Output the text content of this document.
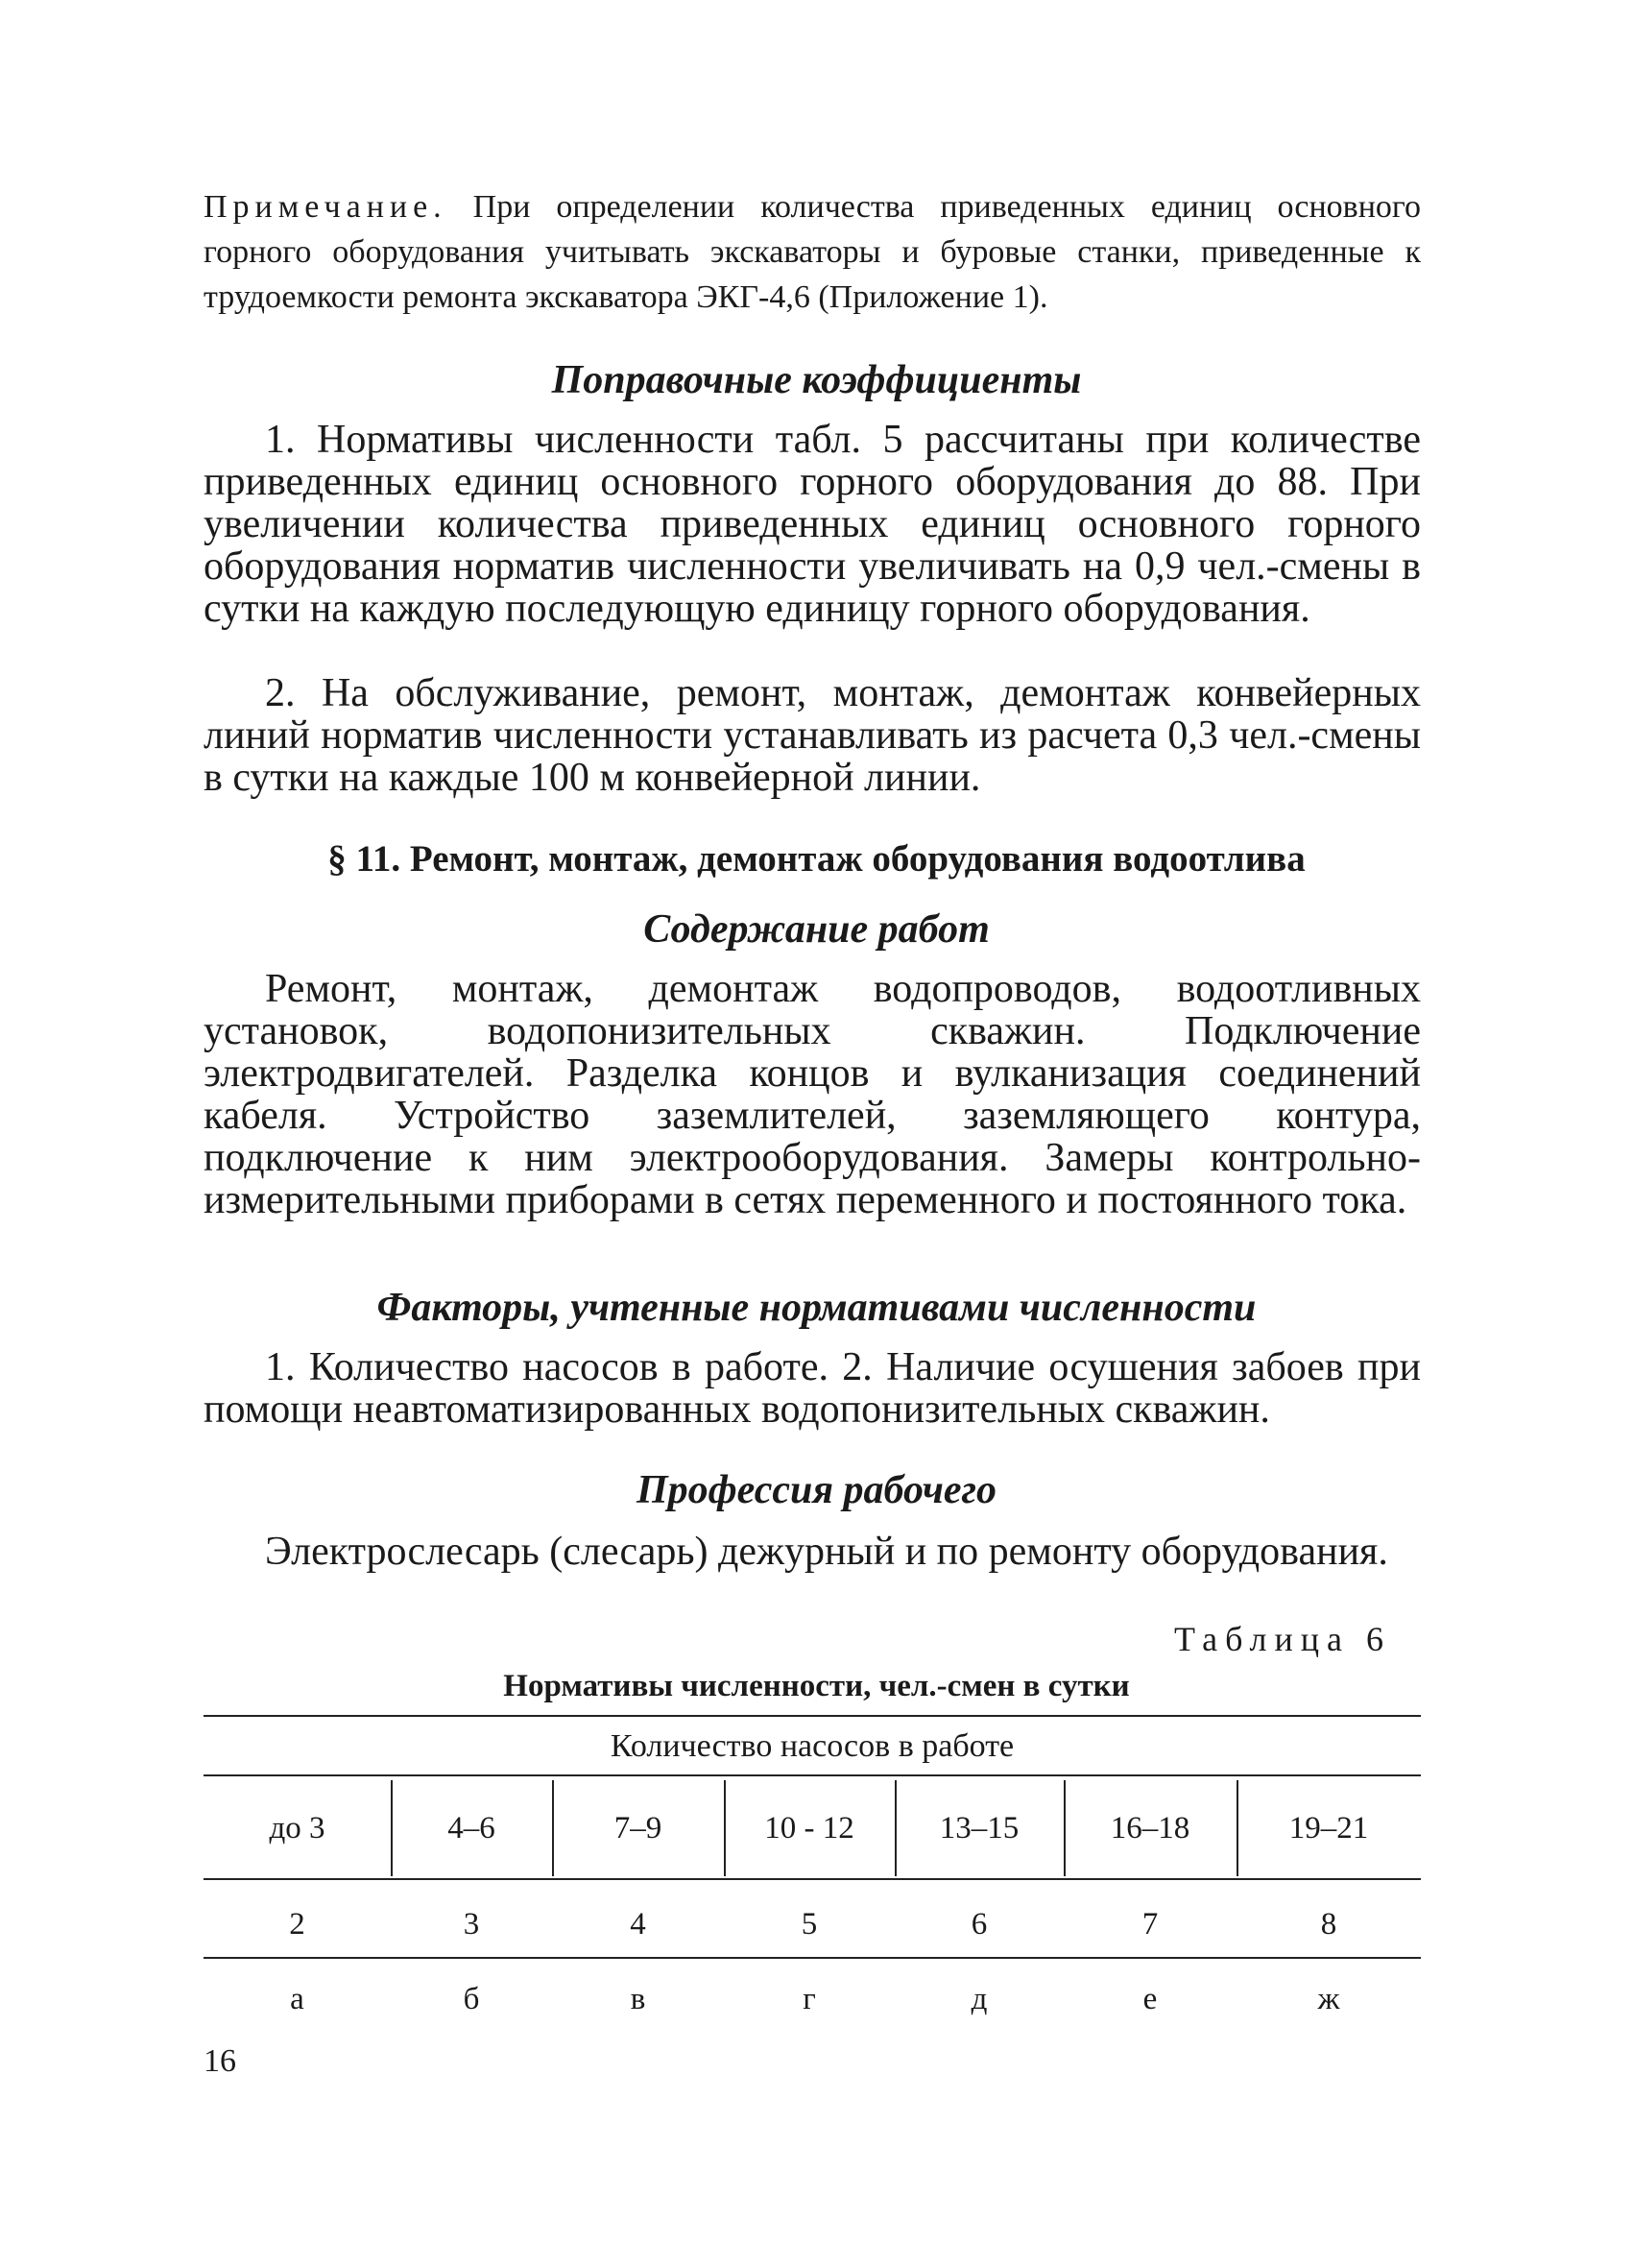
Примечание. При определении количества приведенных единиц основного горного оборудования учитывать экскаваторы и буровые станки, приведенные к трудоемкости ремонта экскаватора ЭКГ-4,6 (Приложение 1).

Поправочные коэффициенты

1. Нормативы численности табл. 5 рассчитаны при количестве приведенных единиц основного горного оборудования до 88. При увеличении количества приведенных единиц основного горного оборудования норматив численности увеличивать на 0,9 чел.-смены в сутки на каждую последующую единицу горного оборудования.

2. На обслуживание, ремонт, монтаж, демонтаж конвейерных линий норматив численности устанавливать из расчета 0,3 чел.-смены в сутки на каждые 100 м конвейерной линии.

§ 11. Ремонт, монтаж, демонтаж оборудования водоотлива
Содержание работ

Ремонт, монтаж, демонтаж водопроводов, водоотливных установок, водопонизительных скважин. Подключение электродвигателей. Разделка концов и вулканизация соединений кабеля. Устройство заземлителей, заземляющего контура, подключение к ним электрооборудования. Замеры контрольно-измерительными приборами в сетях переменного и постоянного тока.

Факторы, учтенные нормативами численности

1. Количество насосов в работе. 2. Наличие осушения забоев при помощи неавтоматизированных водопонизительных скважин.

Профессия рабочего

Электрослесарь (слесарь) дежурный и по ремонту оборудования.

Таблица 6

Нормативы численности, чел.-смен в сутки

Количество насосов в работе

до 3	4–6	7–9	10 - 12	13–15	16–18	19–21
2	3	4	5	6	7	8
а	б	в	г	д	е	ж

16
